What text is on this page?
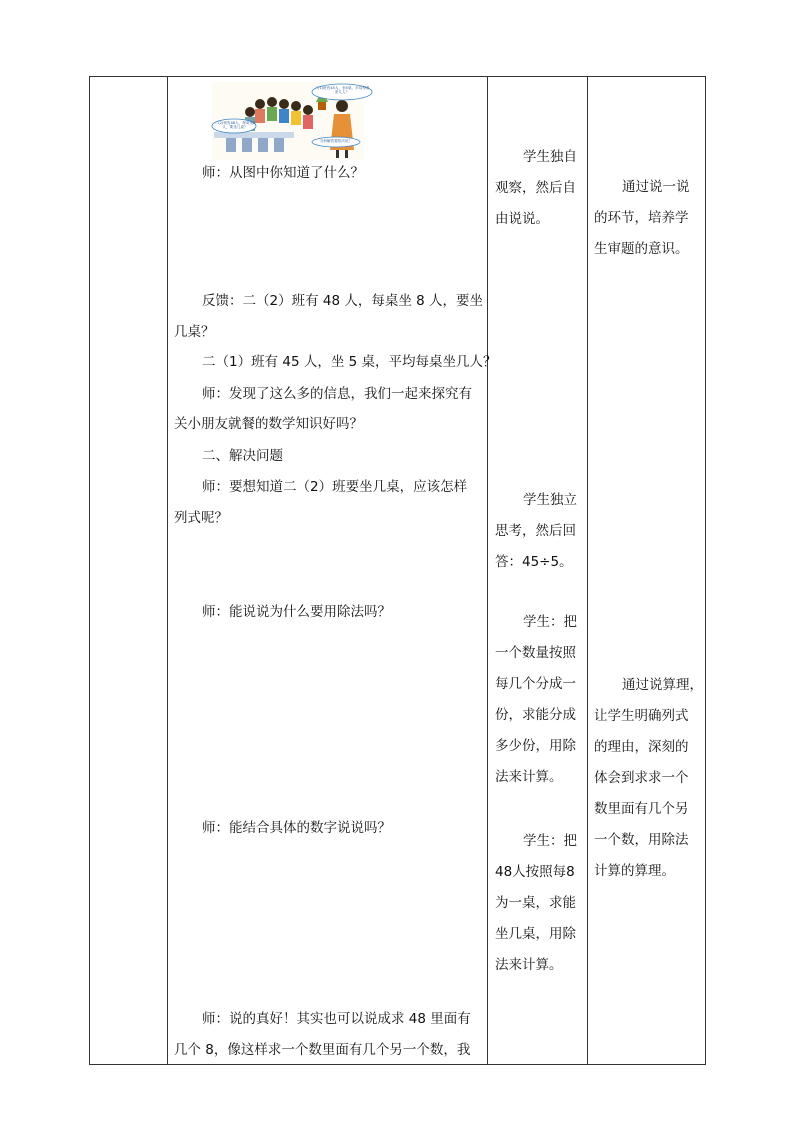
二(2)班有48人，每桌坐8人，要坐几桌？
二(1)班有45人，坐5桌，平均每桌坐几人？
分析解答要依次说！
师：从图中你知道了什么？
反馈：二（2）班有 48 人，每桌坐 8 人，要坐
几桌？
二（1）班有 45 人，坐 5 桌，平均每桌坐几人？
师：发现了这么多的信息，我们一起来探究有
关小朋友就餐的数学知识好吗？
二、解决问题
师：要想知道二（2）班要坐几桌，应该怎样
列式呢？
师：能说说为什么要用除法吗？
师：能结合具体的数字说说吗？
师：说的真好！其实也可以说成求 48 里面有
几个 8，像这样求一个数里面有几个另一个数，我
学生独自
观察，然后自
由说说。
学生独立
思考，然后回
答：45÷5。
学生：把
一个数量按照
每几个分成一
份，求能分成
多少份，用除
法来计算。
学生：把
48人按照每8
为一桌，求能
坐几桌，用除
法来计算。
通过说一说
的环节，培养学
生审题的意识。
通过说算理，
让学生明确列式
的理由，深刻的
体会到求求一个
数里面有几个另
一个数，用除法
计算的算理。
